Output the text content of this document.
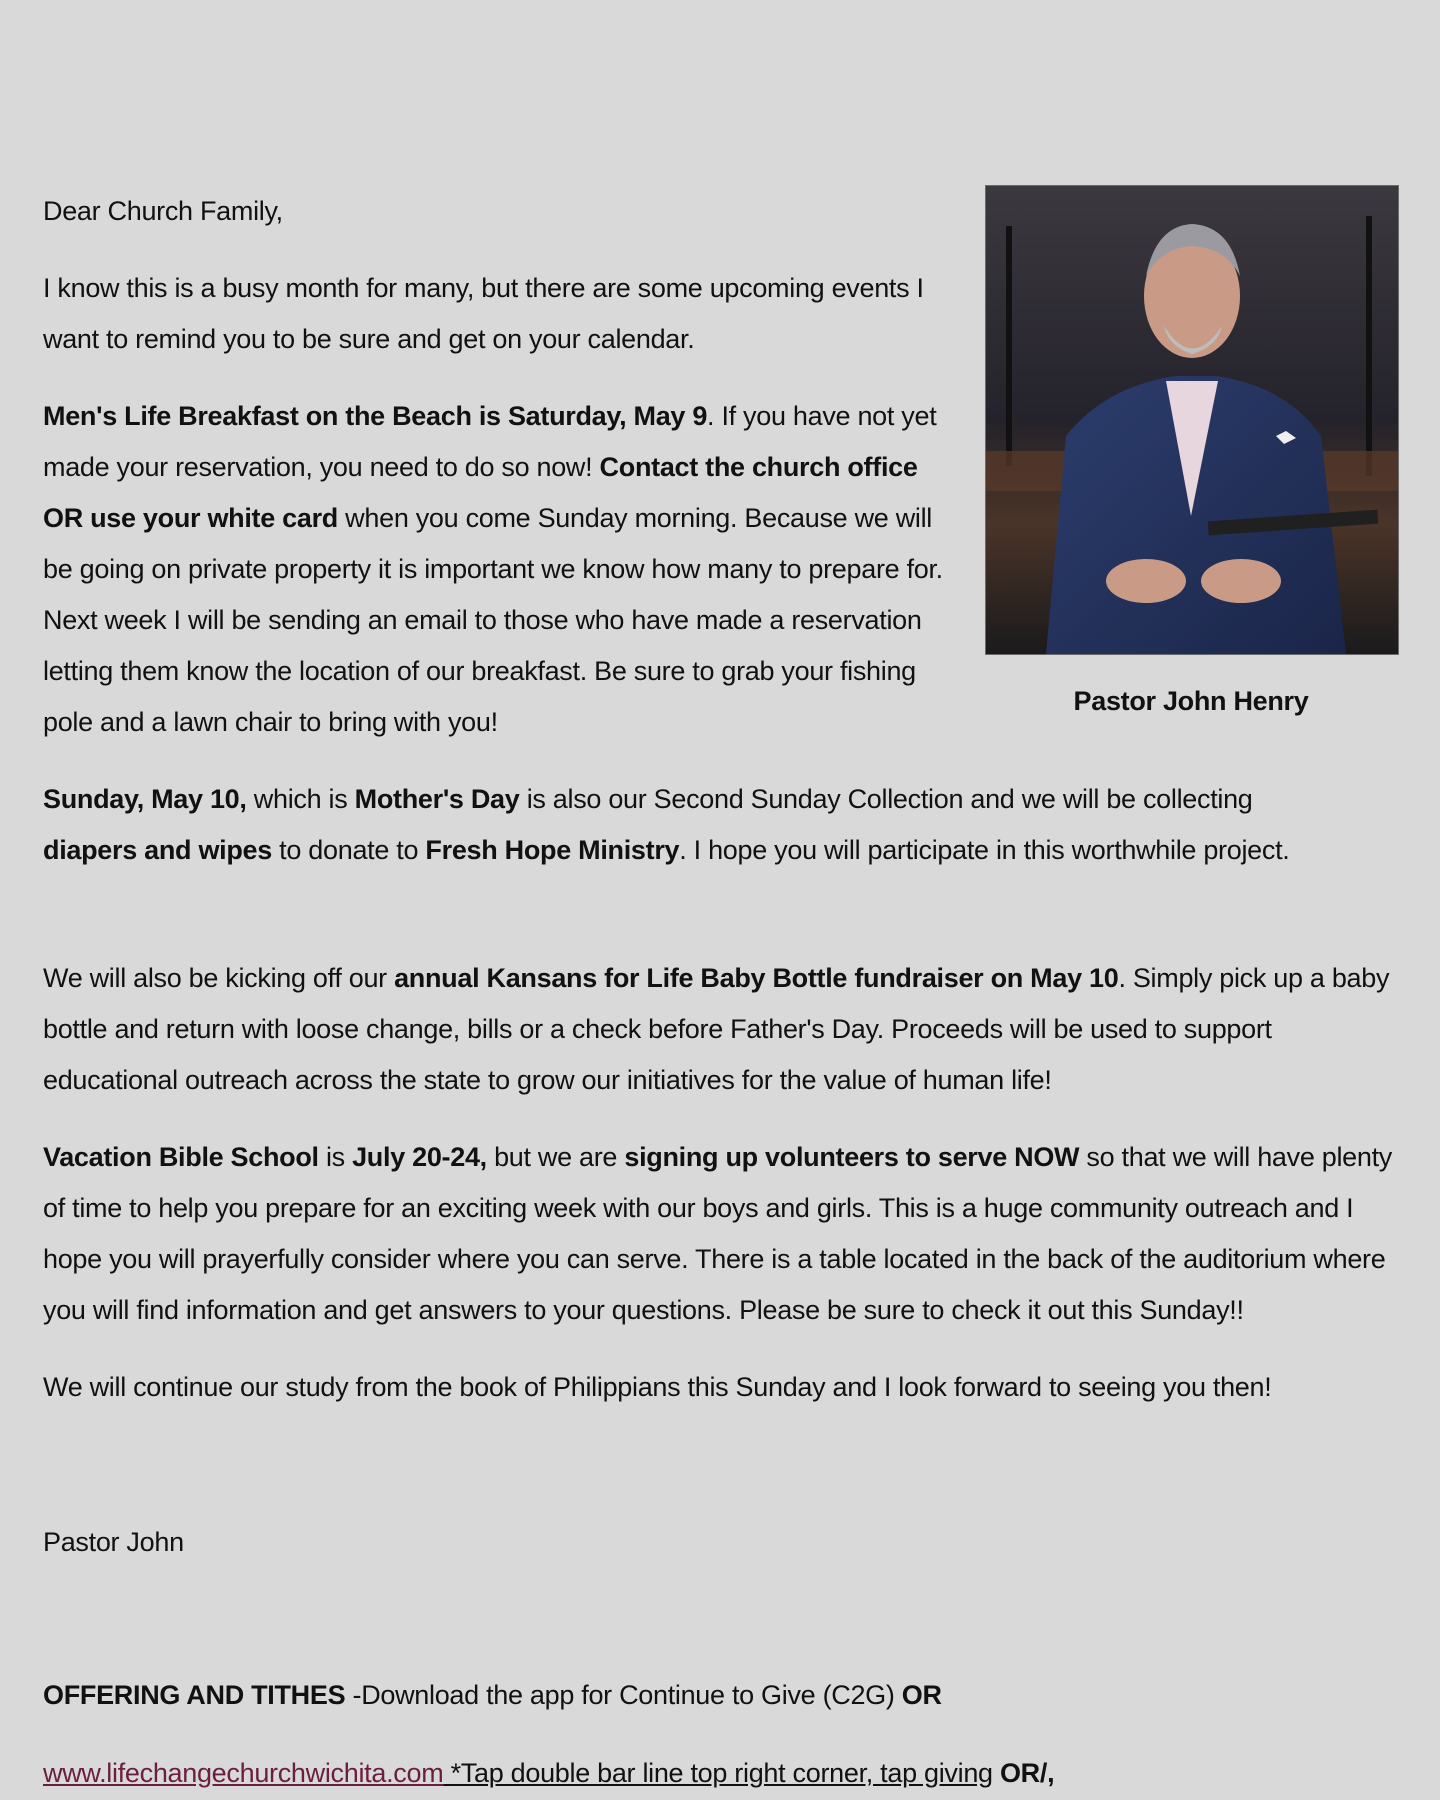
Dear Church Family,

I know this is a busy month for many, but there are some upcoming events I want to remind you to be sure and get on your calendar.

Men's Life Breakfast on the Beach is Saturday, May 9. If you have not yet made your reservation, you need to do so now! Contact the church office OR use your white card when you come Sunday morning. Because we will be going on private property it is important we know how many to prepare for. Next week I will be sending an email to those who have made a reservation letting them know the location of our breakfast. Be sure to grab your fishing pole and a lawn chair to bring with you!

Sunday, May 10, which is Mother's Day is also our Second Sunday Collection and we will be collecting diapers and wipes to donate to Fresh Hope Ministry. I hope you will participate in this worthwhile project.

We will also be kicking off our annual Kansans for Life Baby Bottle fundraiser on May 10. Simply pick up a baby bottle and return with loose change, bills or a check before Father's Day. Proceeds will be used to support educational outreach across the state to grow our initiatives for the value of human life!

Vacation Bible School is July 20-24, but we are signing up volunteers to serve NOW so that we will have plenty of time to help you prepare for an exciting week with our boys and girls. This is a huge community outreach and I hope you will prayerfully consider where you can serve. There is a table located in the back of the auditorium where you will find information and get answers to your questions. Please be sure to check it out this Sunday!!

We will continue our study from the book of Philippians this Sunday and I look forward to seeing you then!

Pastor John

OFFERING AND TITHES -Download the app for Continue to Give (C2G) OR

www.lifechangechurchwichita.com *Tap double bar line top right corner, tap giving OR/,

Pastor John Henry
